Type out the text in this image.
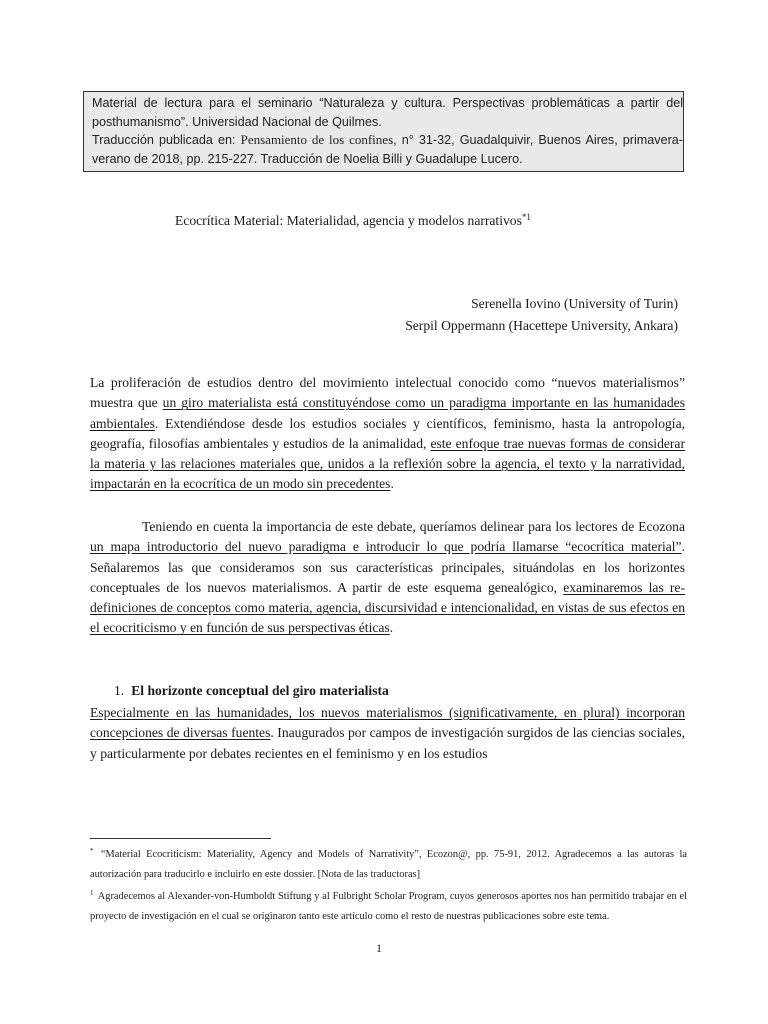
Material de lectura para el seminario “Naturaleza y cultura. Perspectivas problemáticas a partir del posthumanismo”. Universidad Nacional de Quilmes.

Traducción publicada en: Pensamiento de los confines, n° 31-32, Guadalquivir, Buenos Aires, primavera-verano de 2018, pp. 215-227. Traducción de Noelia Billi y Guadalupe Lucero.

Ecocrítica Material: Materialidad, agencia y modelos narrativos$^{*1}$
Serenella Iovino (University of Turin)
Serpil Oppermann (Hacettepe University, Ankara)

La proliferación de estudios dentro del movimiento intelectual conocido como “nuevos materialismos” muestra que un giro materialista está constituyéndose como un paradigma importante en las humanidades ambientales. Extendiéndose desde los estudios sociales y científicos, feminismo, hasta la antropología, geografía, filosofías ambientales y estudios de la animalidad, este enfoque trae nuevas formas de considerar la materia y las relaciones materiales que, unidos a la reflexión sobre la agencia, el texto y la narratividad, impactarán en la ecocrítica de un modo sin precedentes.

Teniendo en cuenta la importancia de este debate, queríamos delinear para los lectores de Ecozona un mapa introductorio del nuevo paradigma e introducir lo que podría llamarse “ecocrítica material”. Señalaremos las que consideramos son sus características principales, situándolas en los horizontes conceptuales de los nuevos materialismos. A partir de este esquema genealógico, examinaremos las re-definiciones de conceptos como materia, agencia, discursividad e intencionalidad, en vistas de sus efectos en el ecocriticismo y en función de sus perspectivas éticas.

1. El horizonte conceptual del giro materialista

Especialmente en las humanidades, los nuevos materialismos (significativamente, en plural) incorporan concepciones de diversas fuentes. Inaugurados por campos de investigación surgidos de las ciencias sociales, y particularmente por debates recientes en el feminismo y en los estudios

* “Material Ecocriticism: Materiality, Agency and Models of Narrativity”, Ecozon@, pp. 75-91, 2012. Agradecemos a las autoras la autorización para traducirlo e incluirlo en este dossier. [Nota de las traductoras]

$^1$ Agradecemos al Alexander-von-Humboldt Stiftung y al Fulbright Scholar Program, cuyos generosos aportes nos han permitido trabajar en el proyecto de investigación en el cual se originaron tanto este artículo como el resto de nuestras publicaciones sobre este tema.

1
